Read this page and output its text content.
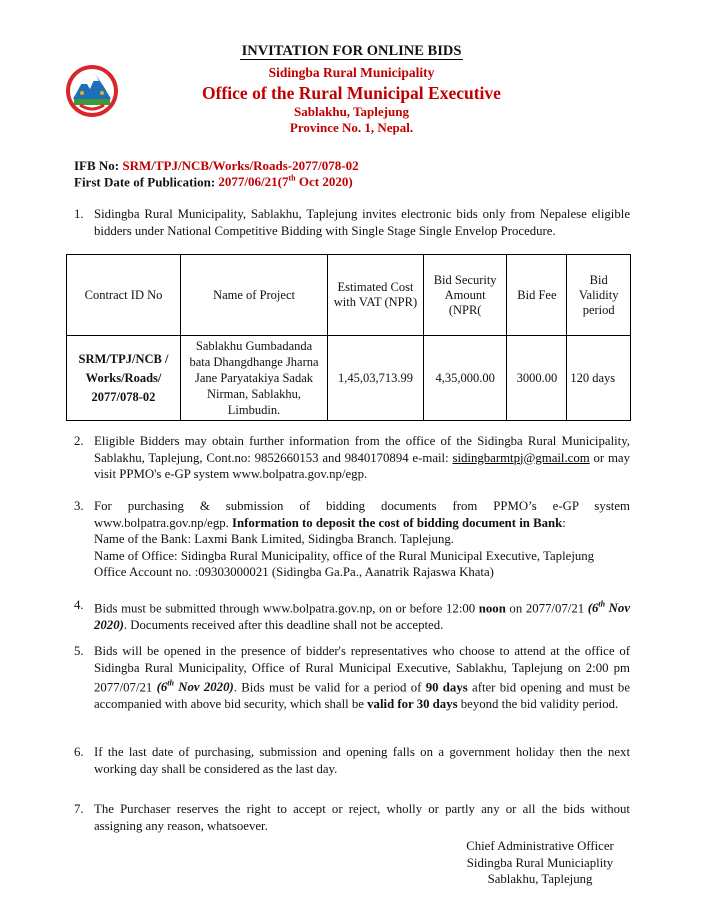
INVITATION FOR ONLINE BIDS
Sidingba Rural Municipality
Office of the Rural Municipal Executive
Sablakhu, Taplejung
Province No. 1, Nepal.
IFB No: SRM/TPJ/NCB/Works/Roads-2077/078-02
First Date of Publication: 2077/06/21(7th Oct 2020)
1. Sidingba Rural Municipality, Sablakhu, Taplejung invites electronic bids only from Nepalese eligible bidders under National Competitive Bidding with Single Stage Single Envelop Procedure.
Contract ID No	Name of Project	Estimated Cost with VAT (NPR)	Bid Security Amount (NPR(	Bid Fee	Bid Validity period
SRM/TPJ/NCB / Works/Roads/ 2077/078-02	Sablakhu Gumbadanda bata Dhangdhange Jharna Jane Paryatakiya Sadak Nirman, Sablakhu, Limbudin.	1,45,03,713.99	4,35,000.00	3000.00	120 days
2. Eligible Bidders may obtain further information from the office of the Sidingba Rural Municipality, Sablakhu, Taplejung, Cont.no: 9852660153 and 9840170894 e-mail: sidingbarmtpj@gmail.com or may visit PPMO's e-GP system www.bolpatra.gov.np/egp.
3. For purchasing & submission of bidding documents from PPMO’s e-GP system www.bolpatra.gov.np/egp. Information to deposit the cost of bidding document in Bank:
Name of the Bank: Laxmi Bank Limited, Sidingba Branch. Taplejung.
Name of Office: Sidingba Rural Municipality, office of the Rural Municipal Executive, Taplejung
Office Account no. :09303000021 (Sidingba Ga.Pa., Aanatrik Rajaswa Khata)
4. Bids must be submitted through www.bolpatra.gov.np, on or before 12:00 noon on 2077/07/21 (6th Nov 2020). Documents received after this deadline shall not be accepted.
5. Bids will be opened in the presence of bidder's representatives who choose to attend at the office of Sidingba Rural Municipality, Office of Rural Municipal Executive, Sablakhu, Taplejung on 2:00 pm 2077/07/21 (6th Nov 2020). Bids must be valid for a period of 90 days after bid opening and must be accompanied with above bid security, which shall be valid for 30 days beyond the bid validity period.
6. If the last date of purchasing, submission and opening falls on a government holiday then the next working day shall be considered as the last day.
7. The Purchaser reserves the right to accept or reject, wholly or partly any or all the bids without assigning any reason, whatsoever.
Chief Administrative Officer
Sidingba Rural Municiaplity
Sablakhu, Taplejung
